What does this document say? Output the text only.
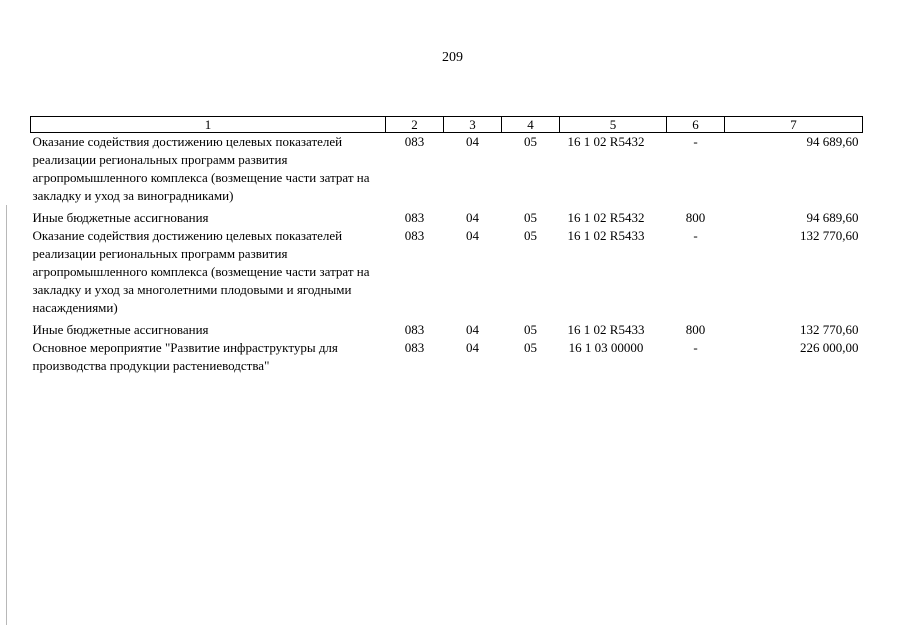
209
1	2	3	4	5	6	7
Оказание содействия достижению целевых показателей реализации региональных программ развития агропромышленного комплекса (возмещение части затрат на закладку и уход за виноградниками)	083	04	05	16 1 02 R5432	-	94 689,60
Иные бюджетные ассигнования	083	04	05	16 1 02 R5432	800	94 689,60
Оказание содействия достижению целевых показателей реализации региональных программ развития агропромышленного комплекса (возмещение части затрат на закладку и уход за многолетними плодовыми и ягодными насаждениями)	083	04	05	16 1 02 R5433	-	132 770,60
Иные бюджетные ассигнования	083	04	05	16 1 02 R5433	800	132 770,60
Основное мероприятие "Развитие инфраструктуры для производства продукции растениеводства"	083	04	05	16 1 03 00000	-	226 000,00
